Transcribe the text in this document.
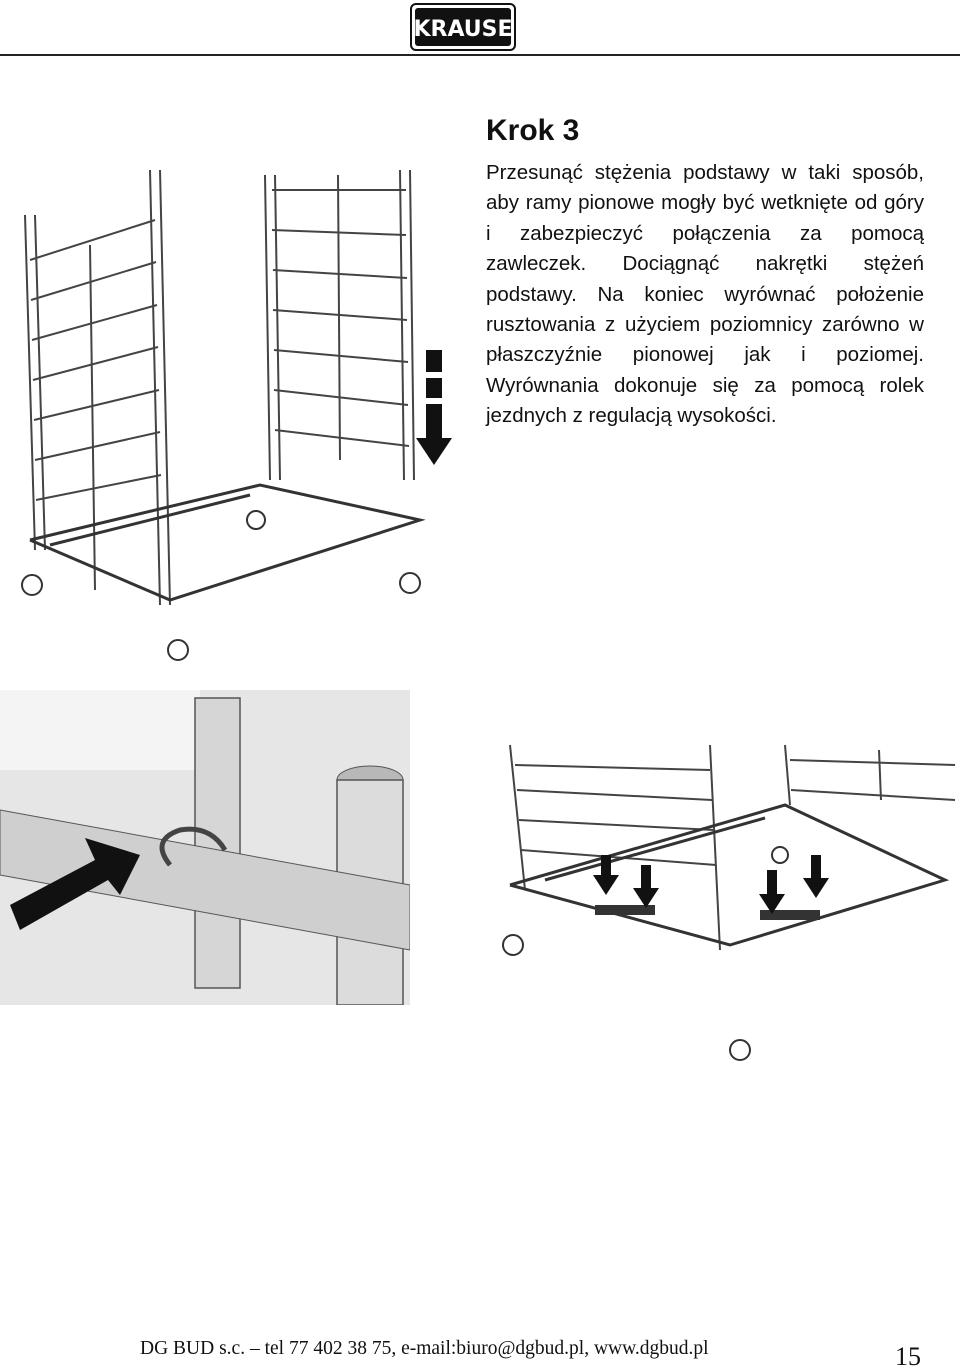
KRAUSE
Krok 3

Przesunąć stężenia podstawy w taki sposób, aby ramy pionowe mogły być wetknięte od góry i zabezpieczyć połączenia za pomocą zawleczek. Dociągnąć nakrętki stężeń podstawy. Na koniec wyrównać położenie rusztowania z użyciem poziomnicy zarówno w płaszczyźnie pionowej jak i poziomej. Wyrównania dokonuje się za pomocą rolek jezdnych z regulacją wysokości.

DG BUD s.c. – tel 77 402 38 75, e-mail:biuro@dgbud.pl, www.dgbud.pl	15
